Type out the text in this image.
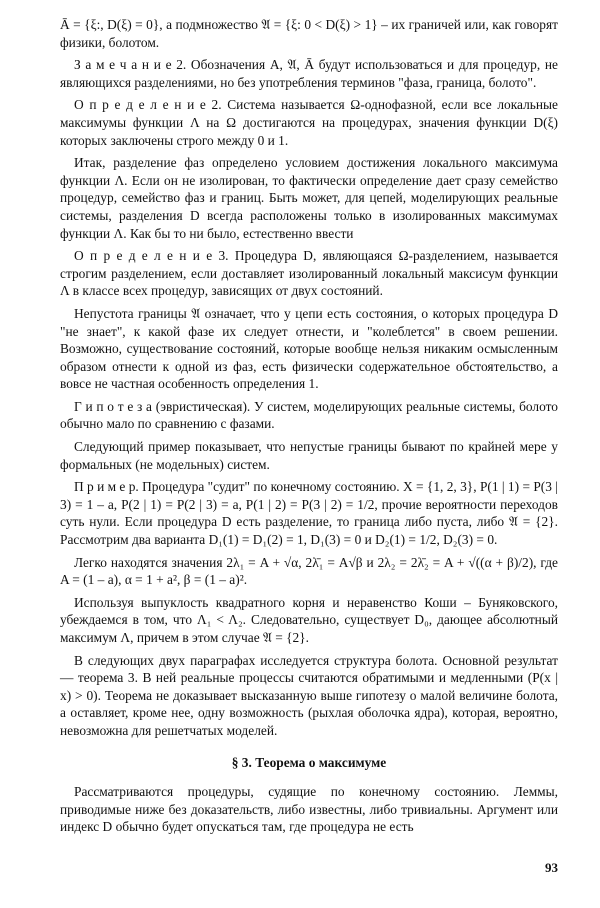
Ā = {ξ:, D(ξ) = 0}, а подмножество 𝔄 = {ξ: 0 < D(ξ) > 1} – их граничей или, как говорят физики, болотом.

З а м е ч а н и е 2. Обозначения A, 𝔄, Ā будут использоваться и для процедур, не являющихся разделениями, но без употребления терминов "фаза, граница, болото".

О п р е д е л е н и е 2. Система называется Ω-однофазной, если все локальные максимумы функции Λ на Ω достигаются на процедурах, значения функции D(ξ) которых заключены строго между 0 и 1.

Итак, разделение фаз определено условием достижения локального максимума функции Λ. Если он не изолирован, то фактически определение дает сразу семейство процедур, семейство фаз и границ. Быть может, для цепей, моделирующих реальные системы, разделения D всегда расположены только в изолированных максимумах функции Λ. Как бы то ни было, естественно ввести

О п р е д е л е н и е 3. Процедура D, являющаяся Ω-разделением, называется строгим разделением, если доставляет изолированный локальный максисум функции Λ в классе всех процедур, зависящих от двух состояний.

Непустота границы 𝔄 означает, что у цепи есть состояния, о которых процедура D "не знает", к какой фазе их следует отнести, и "колеблется" в своем решении. Возможно, существование состояний, которые вообще нельзя никаким осмысленным образом отнести к одной из фаз, есть физически содержательное обстоятельство, а вовсе не частная особенность определения 1.

Г и п о т е з а (эвристическая). У систем, моделирующих реальные системы, болото обычно мало по сравнению с фазами.

Следующий пример показывает, что непустые границы бывают по крайней мере у формальных (не модельных) систем.

П р и м е р. Процедура "судит" по конечному состоянию. X = {1, 2, 3}, P(1 | 1) = P(3 | 3) = 1 – a, P(2 | 1) = P(2 | 3) = a, P(1 | 2) = P(3 | 2) = 1/2, прочие вероятности переходов суть нули. Если процедура D есть разделение, то граница либо пуста, либо 𝔄 = {2}. Рассмотрим два варианта D₁(1) = D₁(2) = 1, D₁(3) = 0 и D₂(1) = 1/2, D₂(3) = 0.

Легко находятся значения 2λ₁ = A + √α, 2λ̄₁ = A√β и 2λ₂ = 2λ̄₂ = A + √((α + β)/2), где A = (1 – a), α = 1 + a², β = (1 – a)².

Используя выпуклость квадратного корня и неравенство Коши – Буняковского, убеждаемся в том, что Λ₁ < Λ₂. Следовательно, существует D₀, дающее абсолютный максимум Λ, причем в этом случае 𝔄 = {2}.

В следующих двух параграфах исследуется структура болота. Основной результат — теорема 3. В ней реальные процессы считаются обратимыми и медленными (P(x | x) > 0). Теорема не доказывает высказанную выше гипотезу о малой величине болота, а оставляет, кроме нее, одну возможность (рыхлая оболочка ядра), которая, вероятно, невозможна для решетчатых моделей.

§ 3. Теорема о максимуме

Рассматриваются процедуры, судящие по конечному состоянию. Леммы, приводимые ниже без доказательств, либо известны, либо тривиальны. Аргумент или индекс D обычно будет опускаться там, где процедура не есть

93
